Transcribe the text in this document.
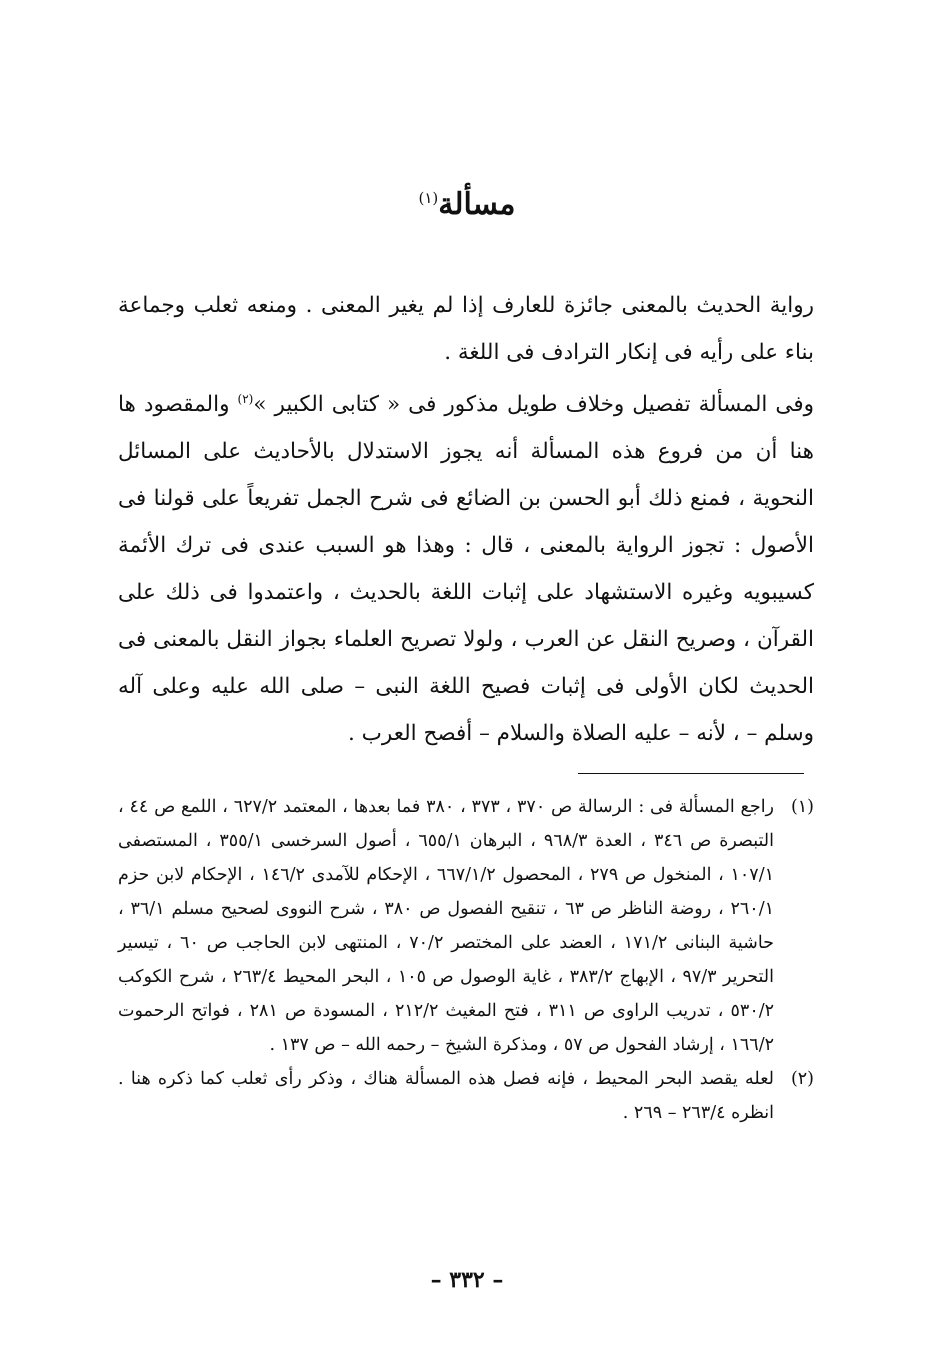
مسألة$^{(١)}$

رواية الحديث بالمعنى جائزة للعارف إذا لم يغير المعنى . ومنعه ثعلب وجماعة بناء على رأيه فى إنكار الترادف فى اللغة .

وفى المسألة تفصيل وخلاف طويل مذكور فى « كتابى الكبير »$^{(٢)}$ والمقصود ها هنا أن من فروع هذه المسألة أنه يجوز الاستدلال بالأحاديث على المسائل النحوية ، فمنع ذلك أبو الحسن بن الضائع فى شرح الجمل تفريعاً على قولنا فى الأصول : تجوز الرواية بالمعنى ، قال : وهذا هو السبب عندى فى ترك الأئمة كسيبويه وغيره الاستشهاد على إثبات اللغة بالحديث ، واعتمدوا فى ذلك على القرآن ، وصريح النقل عن العرب ، ولولا تصريح العلماء بجواز النقل بالمعنى فى الحديث لكان الأولى فى إثبات فصيح اللغة النبى – صلى الله عليه وعلى آله وسلم – ، لأنه – عليه الصلاة والسلام – أفصح العرب .

(١)
راجع المسألة فى : الرسالة ص ٣٧٠ ، ٣٧٣ ، ٣٨٠ فما بعدها ، المعتمد ٦٢٧/٢ ، اللمع ص ٤٤ ، التبصرة ص ٣٤٦ ، العدة ٩٦٨/٣ ، البرهان ٦٥٥/١ ، أصول السرخسى ٣٥٥/١ ، المستصفى ١٠٧/١ ، المنخول ص ٢٧٩ ، المحصول ٦٦٧/١/٢ ، الإحكام للآمدى ١٤٦/٢ ، الإحكام لابن حزم ٢٦٠/١ ، روضة الناظر ص ٦٣ ، تنقيح الفصول ص ٣٨٠ ، شرح النووى لصحيح مسلم ٣٦/١ ، حاشية البنانى ١٧١/٢ ، العضد على المختصر ٧٠/٢ ، المنتهى لابن الحاجب ص ٦٠ ، تيسير التحرير ٩٧/٣ ، الإبهاج ٣٨٣/٢ ، غاية الوصول ص ١٠٥ ، البحر المحيط ٢٦٣/٤ ، شرح الكوكب ٥٣٠/٢ ، تدريب الراوى ص ٣١١ ، فتح المغيث ٢١٢/٢ ، المسودة ص ٢٨١ ، فواتح الرحموت ١٦٦/٢ ، إرشاد الفحول ص ٥٧ ، ومذكرة الشيخ – رحمه الله – ص ١٣٧ .
(٢)
لعله يقصد البحر المحيط ، فإنه فصل هذه المسألة هناك ، وذكر رأى ثعلب كما ذكره هنا . انظره ٢٦٣/٤ – ٢٦٩ .
– ٣٣٢ –
